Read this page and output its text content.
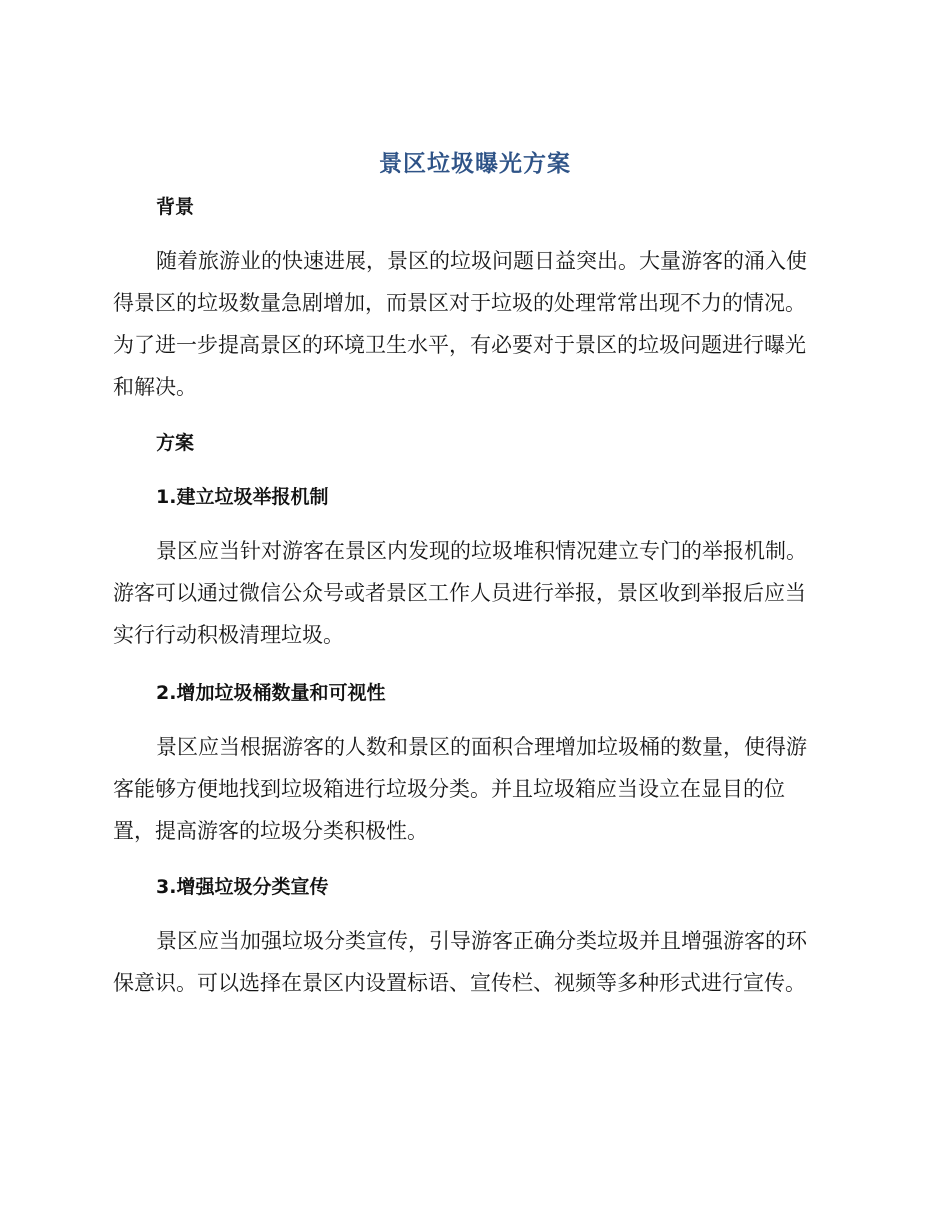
景区垃圾曝光方案
背景
随着旅游业的快速进展，景区的垃圾问题日益突出。大量游客的涌入使
得景区的垃圾数量急剧增加，而景区对于垃圾的处理常常出现不力的情况。
为了进一步提高景区的环境卫生水平，有必要对于景区的垃圾问题进行曝光
和解决。
方案
1.建立垃圾举报机制
景区应当针对游客在景区内发现的垃圾堆积情况建立专门的举报机制。
游客可以通过微信公众号或者景区工作人员进行举报，景区收到举报后应当
实行行动积极清理垃圾。
2.增加垃圾桶数量和可视性
景区应当根据游客的人数和景区的面积合理增加垃圾桶的数量，使得游
客能够方便地找到垃圾箱进行垃圾分类。并且垃圾箱应当设立在显目的位
置，提高游客的垃圾分类积极性。
3.增强垃圾分类宣传
景区应当加强垃圾分类宣传，引导游客正确分类垃圾并且增强游客的环
保意识。可以选择在景区内设置标语、宣传栏、视频等多种形式进行宣传。
